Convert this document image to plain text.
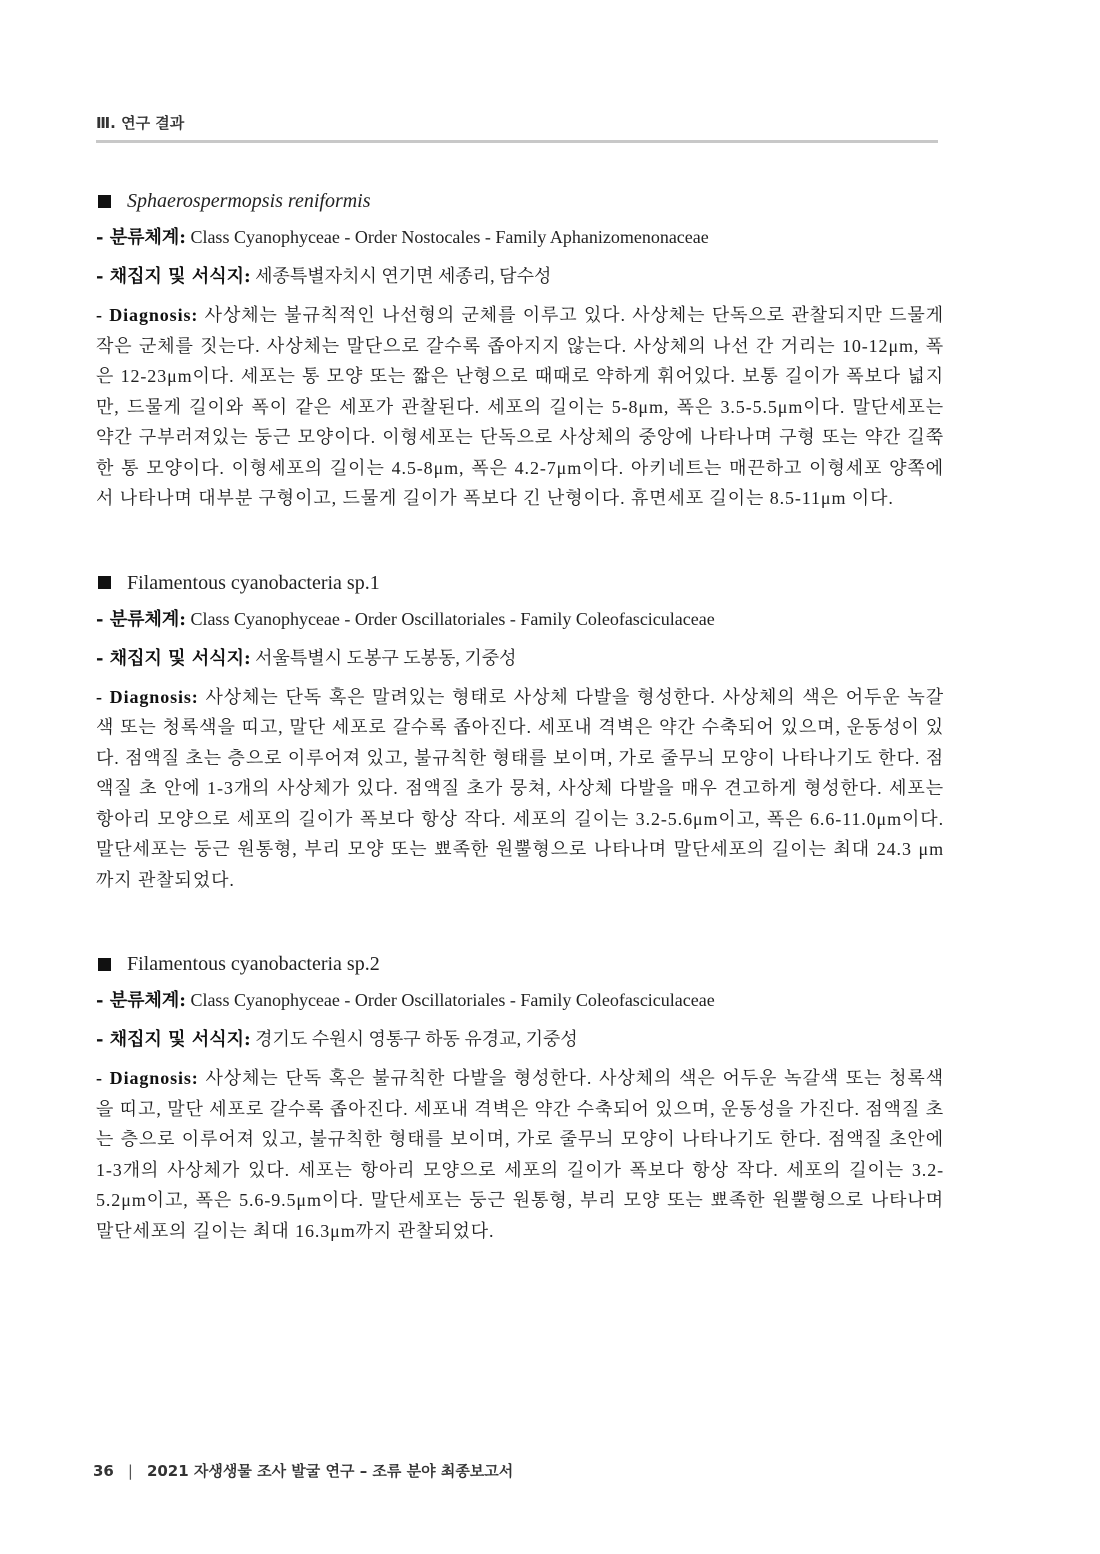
Ⅲ. 연구 결과
Sphaerospermopsis reniformis
- 분류체계: Class Cyanophyceae - Order Nostocales - Family Aphanizomenonaceae
- 채집지 및 서식지: 세종특별자치시 연기면 세종리, 담수성
- Diagnosis: 사상체는 불규칙적인 나선형의 군체를 이루고 있다. 사상체는 단독으로 관찰되지만 드물게 작은 군체를 짓는다. 사상체는 말단으로 갈수록 좁아지지 않는다. 사상체의 나선 간 거리는 10-12μm, 폭은 12-23μm이다. 세포는 통 모양 또는 짧은 난형으로 때때로 약하게 휘어있다. 보통 길이가 폭보다 넓지만, 드물게 길이와 폭이 같은 세포가 관찰된다. 세포의 길이는 5-8μm, 폭은 3.5-5.5μm이다. 말단세포는 약간 구부러져있는 둥근 모양이다. 이형세포는 단독으로 사상체의 중앙에 나타나며 구형 또는 약간 길쭉한 통 모양이다. 이형세포의 길이는 4.5-8μm, 폭은 4.2-7μm이다. 아키네트는 매끈하고 이형세포 양쪽에서 나타나며 대부분 구형이고, 드물게 길이가 폭보다 긴 난형이다. 휴면세포 길이는 8.5-11μm 이다.
Filamentous cyanobacteria sp.1
- 분류체계: Class Cyanophyceae - Order Oscillatoriales - Family Coleofasciculaceae
- 채집지 및 서식지: 서울특별시 도봉구 도봉동, 기중성
- Diagnosis: 사상체는 단독 혹은 말려있는 형태로 사상체 다발을 형성한다. 사상체의 색은 어두운 녹갈색 또는 청록색을 띠고, 말단 세포로 갈수록 좁아진다. 세포내 격벽은 약간 수축되어 있으며, 운동성이 있다. 점액질 초는 층으로 이루어져 있고, 불규칙한 형태를 보이며, 가로 줄무늬 모양이 나타나기도 한다. 점액질 초 안에 1-3개의 사상체가 있다. 점액질 초가 뭉쳐, 사상체 다발을 매우 견고하게 형성한다. 세포는 항아리 모양으로 세포의 길이가 폭보다 항상 작다. 세포의 길이는 3.2-5.6μm이고, 폭은 6.6-11.0μm이다. 말단세포는 둥근 원통형, 부리 모양 또는 뾰족한 원뿔형으로 나타나며 말단세포의 길이는 최대 24.3 μm까지 관찰되었다.
Filamentous cyanobacteria sp.2
- 분류체계: Class Cyanophyceae - Order Oscillatoriales - Family Coleofasciculaceae
- 채집지 및 서식지: 경기도 수원시 영통구 하동 유경교, 기중성
- Diagnosis: 사상체는 단독 혹은 불규칙한 다발을 형성한다. 사상체의 색은 어두운 녹갈색 또는 청록색을 띠고, 말단 세포로 갈수록 좁아진다. 세포내 격벽은 약간 수축되어 있으며, 운동성을 가진다. 점액질 초는 층으로 이루어져 있고, 불규칙한 형태를 보이며, 가로 줄무늬 모양이 나타나기도 한다. 점액질 초안에 1-3개의 사상체가 있다. 세포는 항아리 모양으로 세포의 길이가 폭보다 항상 작다. 세포의 길이는 3.2-5.2μm이고, 폭은 5.6-9.5μm이다. 말단세포는 둥근 원통형, 부리 모양 또는 뾰족한 원뿔형으로 나타나며 말단세포의 길이는 최대 16.3μm까지 관찰되었다.
36 | 2021 자생생물 조사 발굴 연구 – 조류 분야 최종보고서
